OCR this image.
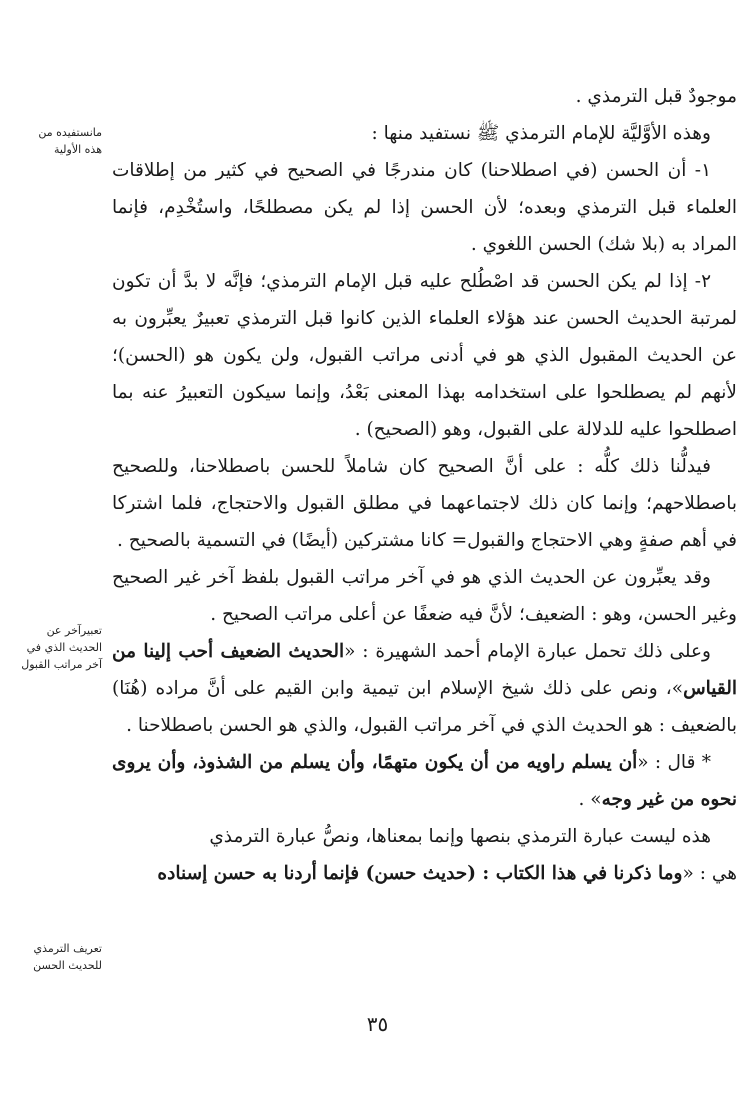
موجودٌ قبل الترمذي .

وهذه الأوَّليَّة للإمام الترمذي ﷺ نستفيد منها :

١- أن الحسن (في اصطلاحنا) كان مندرجًا في الصحيح في كثير من إطلاقات العلماء قبل الترمذي وبعده؛ لأن الحسن إذا لم يكن مصطلحًا، واستُخْدِم، فإنما المراد به (بلا شك) الحسن اللغوي .

٢- إذا لم يكن الحسن قد اصْطُلح عليه قبل الإمام الترمذي؛ فإنَّه لا بدَّ أن تكون لمرتبة الحديث الحسن عند هؤلاء العلماء الذين كانوا قبل الترمذي تعبيرٌ يعبِّرون به عن الحديث المقبول الذي هو في أدنى مراتب القبول، ولن يكون هو (الحسن)؛ لأنهم لم يصطلحوا على استخدامه بهذا المعنى بَعْدُ، وإنما سيكون التعبيرُ عنه بما اصطلحوا عليه للدلالة على القبول، وهو (الصحيح) .

فيدلُّنا ذلك كلُّه : على أنَّ الصحيح كان شاملاً للحسن باصطلاحنا، وللصحيح باصطلاحهم؛ وإنما كان ذلك لاجتماعهما في مطلق القبول والاحتجاج، فلما اشتركا في أهم صفةٍ وهي الاحتجاج والقبول= كانا مشتركين (أيضًا) في التسمية بالصحيح .

وقد يعبِّرون عن الحديث الذي هو في آخر مراتب القبول بلفظ آخر غير الصحيح وغير الحسن، وهو : الضعيف؛ لأنَّ فيه ضعفًا عن أعلى مراتب الصحيح .

وعلى ذلك تحمل عبارة الإمام أحمد الشهيرة : «الحديث الضعيف أحب إلينا من القياس»، ونص على ذلك شيخ الإسلام ابن تيمية وابن القيم على أنَّ مراده (هُنَا) بالضعيف : هو الحديث الذي في آخر مراتب القبول، والذي هو الحسن باصطلاحنا .

* قال : «أن يسلم راويه من أن يكون متهمًا، وأن يسلم من الشذوذ، وأن يروى نحوه من غير وجه» .

هذه ليست عبارة الترمذي بنصها وإنما بمعناها، ونصُّ عبارة الترمذي

هي : «وما ذكرنا في هذا الكتاب : (حديث حسن) فإنما أردنا به حسن إسناده

مانستفيده من هذه الأولية
تعبيرآخر عن الحديث الذي في آخر مراتب القبول
تعريف الترمذي للحديث الحسن
٣٥
